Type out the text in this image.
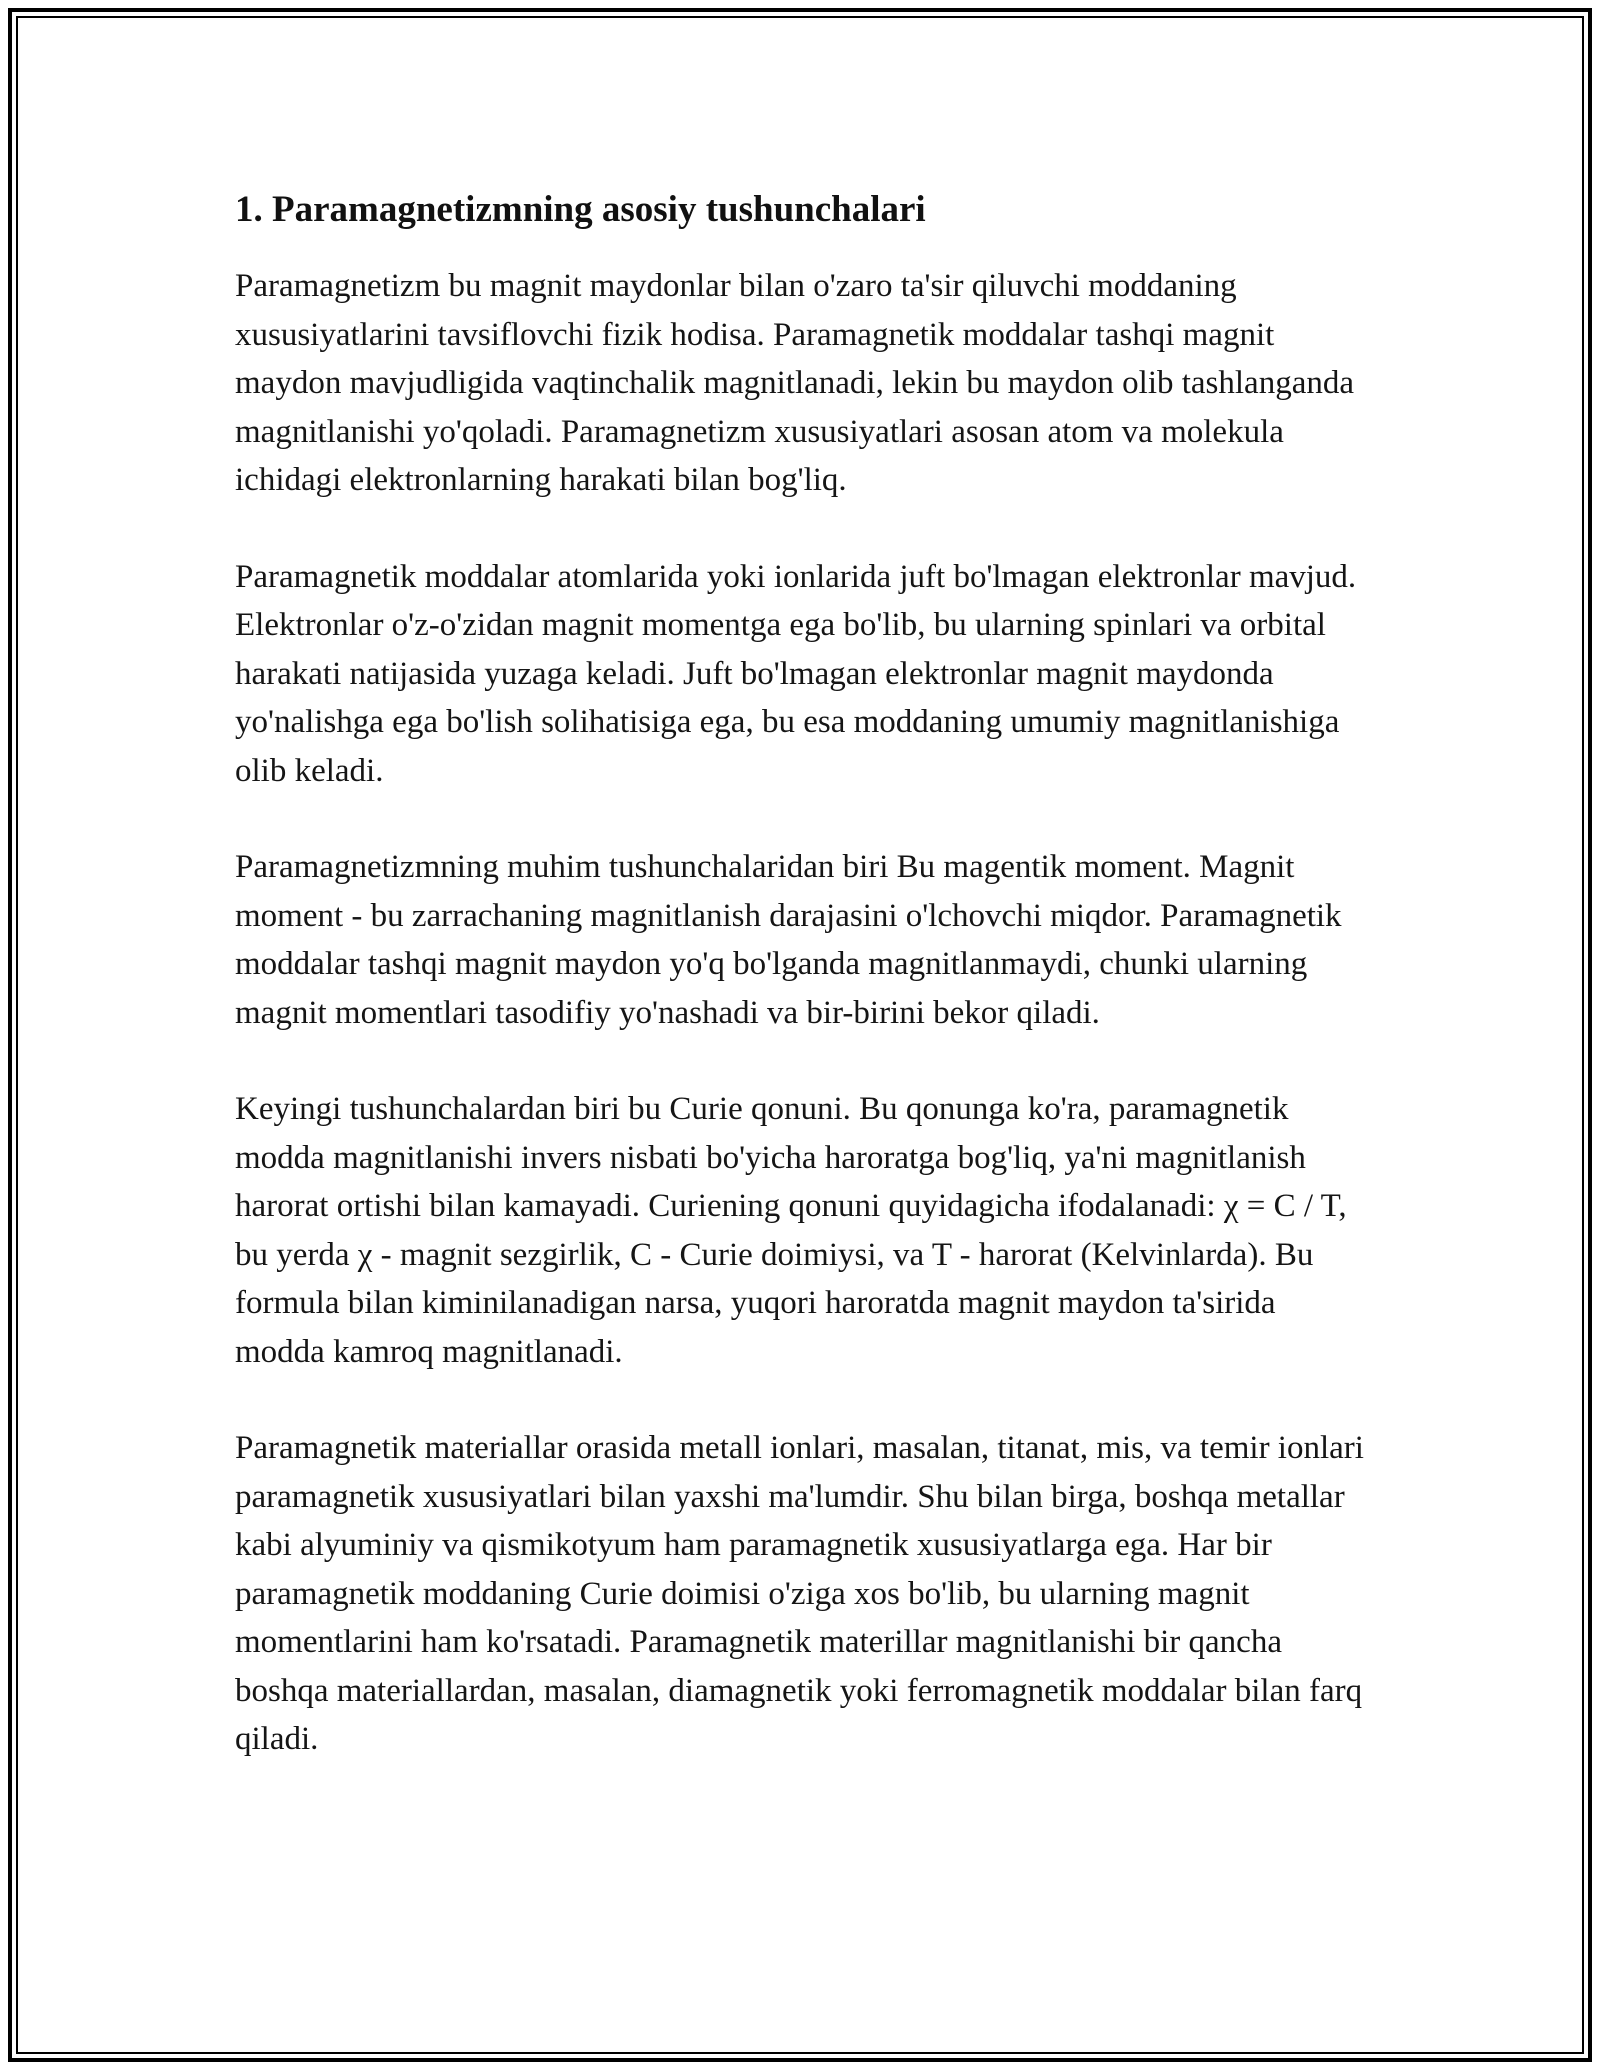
1. Paramagnetizmning asosiy tushunchalari

Paramagnetizm bu magnit maydonlar bilan o'zaro ta'sir qiluvchi moddaning xususiyatlarini tavsiflovchi fizik hodisa. Paramagnetik moddalar tashqi magnit maydon mavjudligida vaqtinchalik magnitlanadi, lekin bu maydon olib tashlanganda magnitlanishi yo'qoladi. Paramagnetizm xususiyatlari asosan atom va molekula ichidagi elektronlarning harakati bilan bog'liq.

Paramagnetik moddalar atomlarida yoki ionlarida juft bo'lmagan elektronlar mavjud. Elektronlar o'z-o'zidan magnit momentga ega bo'lib, bu ularning spinlari va orbital harakati natijasida yuzaga keladi. Juft bo'lmagan elektronlar magnit maydonda yo'nalishga ega bo'lish solihatisiga ega, bu esa moddaning umumiy magnitlanishiga olib keladi.

Paramagnetizmning muhim tushunchalaridan biri Bu magentik moment. Magnit moment - bu zarrachaning magnitlanish darajasini o'lchovchi miqdor. Paramagnetik moddalar tashqi magnit maydon yo'q bo'lganda magnitlanmaydi, chunki ularning magnit momentlari tasodifiy yo'nashadi va bir-birini bekor qiladi.

Keyingi tushunchalardan biri bu Curie qonuni. Bu qonunga ko'ra, paramagnetik modda magnitlanishi invers nisbati bo'yicha haroratga bog'liq, ya'ni magnitlanish harorat ortishi bilan kamayadi. Curiening qonuni quyidagicha ifodalanadi: χ = C / T, bu yerda χ - magnit sezgirlik, C - Curie doimiysi, va T - harorat (Kelvinlarda). Bu formula bilan kiminilanadigan narsa, yuqori haroratda magnit maydon ta'sirida modda kamroq magnitlanadi.

Paramagnetik materiallar orasida metall ionlari, masalan, titanat, mis, va temir ionlari paramagnetik xususiyatlari bilan yaxshi ma'lumdir. Shu bilan birga, boshqa metallar kabi alyuminiy va qismikotyum ham paramagnetik xususiyatlarga ega. Har bir paramagnetik moddaning Curie doimisi o'ziga xos bo'lib, bu ularning magnit momentlarini ham ko'rsatadi. Paramagnetik materillar magnitlanishi bir qancha boshqa materiallardan, masalan, diamagnetik yoki ferromagnetik moddalar bilan farq qiladi.
